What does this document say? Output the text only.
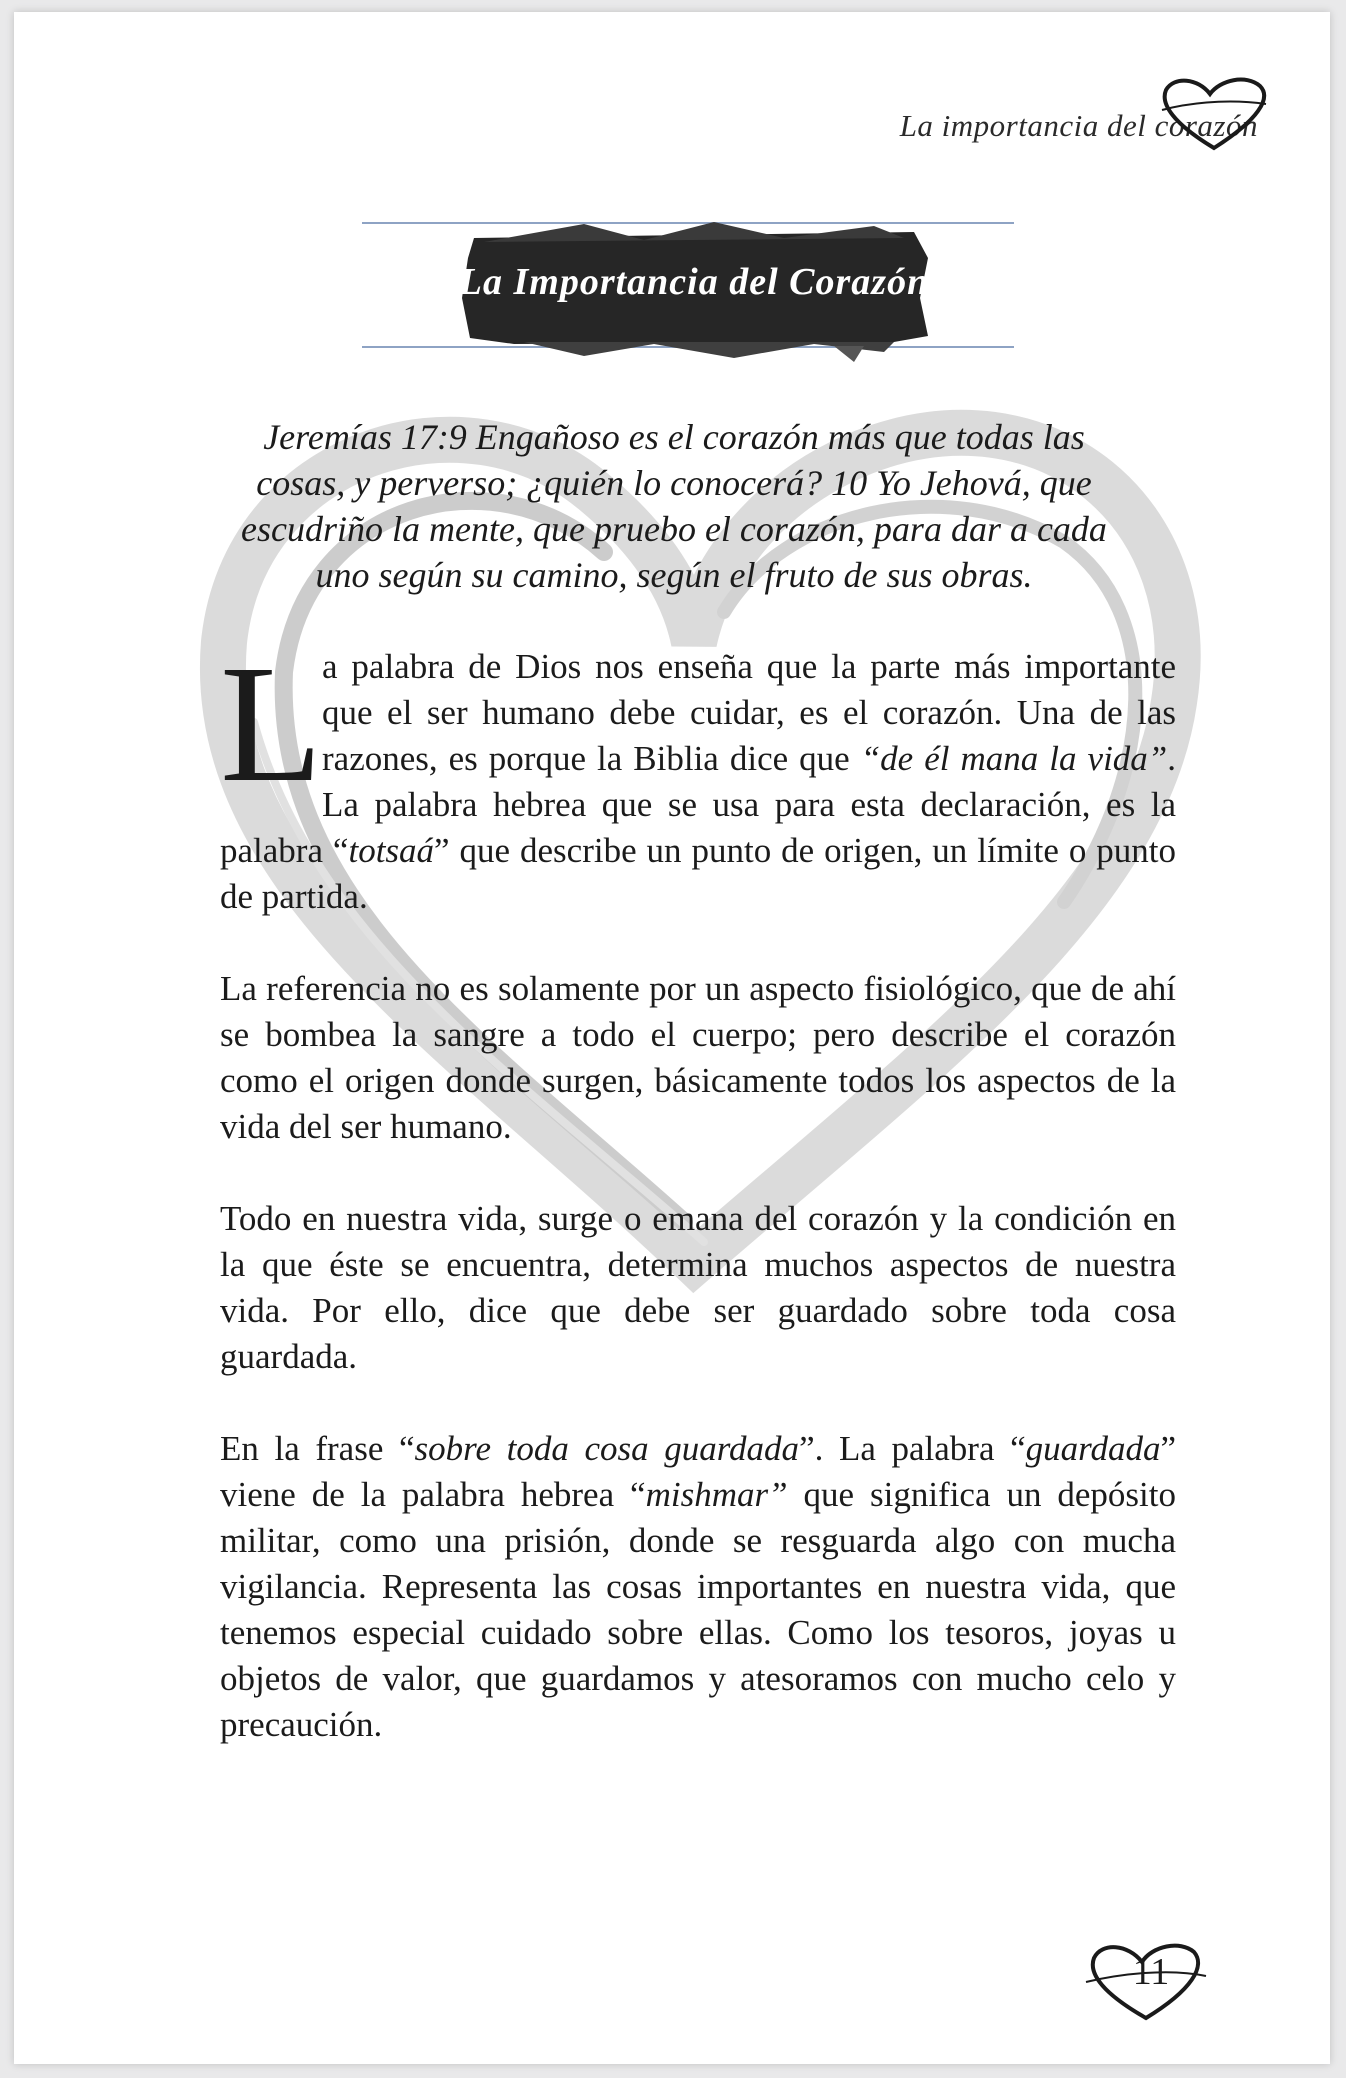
La importancia del corazón
La Importancia del Corazón

Jeremías 17:9 Engañoso es el corazón más que todas las cosas, y perverso; ¿quién lo conocerá? 10 Yo Jehová, que escudriño la mente, que pruebo el corazón, para dar a cada uno según su camino, según el fruto de sus obras.

La palabra de Dios nos enseña que la parte más importante que el ser humano debe cuidar, es el corazón. Una de las razones, es porque la Biblia dice que “de él mana la vida”. La palabra hebrea que se usa para esta declaración, es la palabra “totsaá” que describe un punto de origen, un límite o punto de partida.

La referencia no es solamente por un aspecto fisiológico, que de ahí se bombea la sangre a todo el cuerpo; pero describe el corazón como el origen donde surgen, básicamente todos los aspectos de la vida del ser humano.

Todo en nuestra vida, surge o emana del corazón y la condición en la que éste se encuentra, determina muchos aspectos de nuestra vida. Por ello, dice que debe ser guardado sobre toda cosa guardada.

En la frase “sobre toda cosa guardada”. La palabra “guardada” viene de la palabra hebrea “mishmar” que significa un depósito militar, como una prisión, donde se resguarda algo con mucha vigilancia. Representa las cosas importantes en nuestra vida, que tenemos especial cuidado sobre ellas. Como los tesoros, joyas u objetos de valor, que guardamos y atesoramos con mucho celo y precaución.

11
